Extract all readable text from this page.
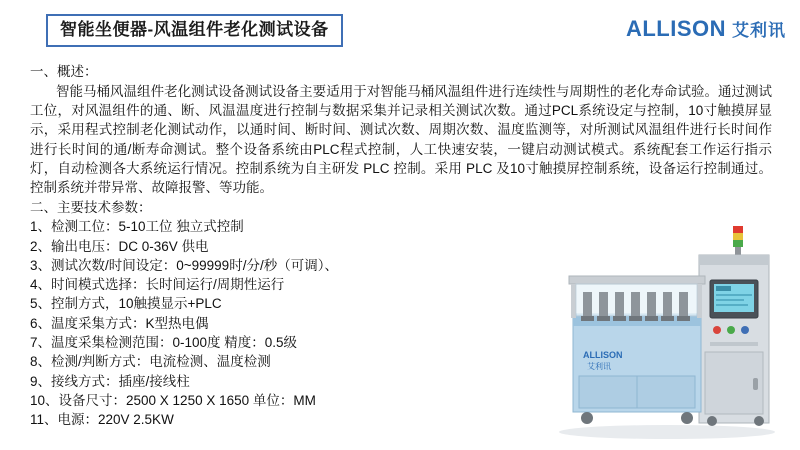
智能坐便器-风温组件老化测试设备	ALLISON 艾利讯

一、概述：

智能马桶风温组件老化测试设备测试设备主要适用于对智能马桶风温组件进行连续性与周期性的老化寿命试验。通过测试工位，对风温组件的通、断、风温温度进行控制与数据采集并记录相关测试次数。通过PCL系统设定与控制，10寸触摸屏显示，采用程式控制老化测试动作，以通时间、断时间、测试次数、周期次数、温度监测等，对所测试风温组件进行长时间作进行长时间的通/断寿命测试。整个设备系统由PLC程式控制，人工快速安装，一键启动测试模式。系统配套工作运行指示灯，自动检测各大系统运行情况。控制系统为自主研发 PLC 控制。采用 PLC 及10寸触摸屏控制系统，设备运行控制通过。控制系统并带异常、故障报警、等功能。

二、主要技术参数：

1、检测工位：5-10工位 独立式控制
2、输出电压：DC 0-36V 供电
3、测试次数/时间设定：0~99999时/分/秒（可调）、
4、时间模式选择：长时间运行/周期性运行
5、控制方式，10触摸显示+PLC
6、温度采集方式：K型热电偶
7、温度采集检测范围：0-100度 精度：0.5级
8、检测/判断方式：电流检测、温度检测
9、接线方式：插座/接线柱
10、设备尺寸：2500 X 1250 X 1650 单位：MM
11、电源：220V 2.5KW
ALLISON
艾利讯
